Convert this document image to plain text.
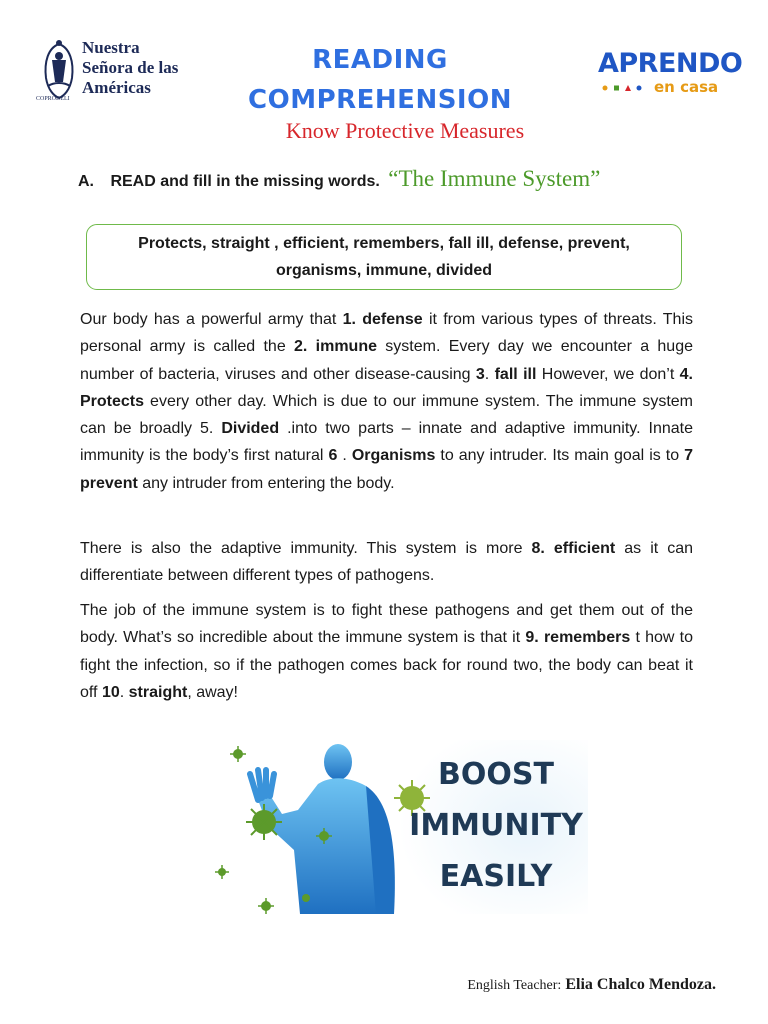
Nuestra
Señora de las
Américas
COPRODELI
READING
COMPREHENSION
Know Protective Measures
APRENDO
en casa
A. READ and fill in the missing words. “The Immune System”
Protects, straight , efficient, remembers, fall ill, defense, prevent, organisms, immune, divided

Our body has a powerful army that 1. defense it from various types of threats. This personal army is called the 2. immune system. Every day we encounter a huge number of bacteria, viruses and other disease-causing 3. fall ill However, we don’t 4. Protects every other day. Which is due to our immune system. The immune system can be broadly 5. Divided .into two parts – innate and adaptive immunity. Innate immunity is the body’s first natural 6 . Organisms to any intruder. Its main goal is to 7 prevent any intruder from entering the body.

There is also the adaptive immunity. This system is more 8. efficient as it can differentiate between different types of pathogens.

The job of the immune system is to fight these pathogens and get them out of the body. What’s so incredible about the immune system is that it 9. remembers t how to fight the infection, so if the pathogen comes back for round two, the body can beat it off 10. straight, away!

BOOST
IMMUNITY
EASILY
English Teacher: Elia Chalco Mendoza.
